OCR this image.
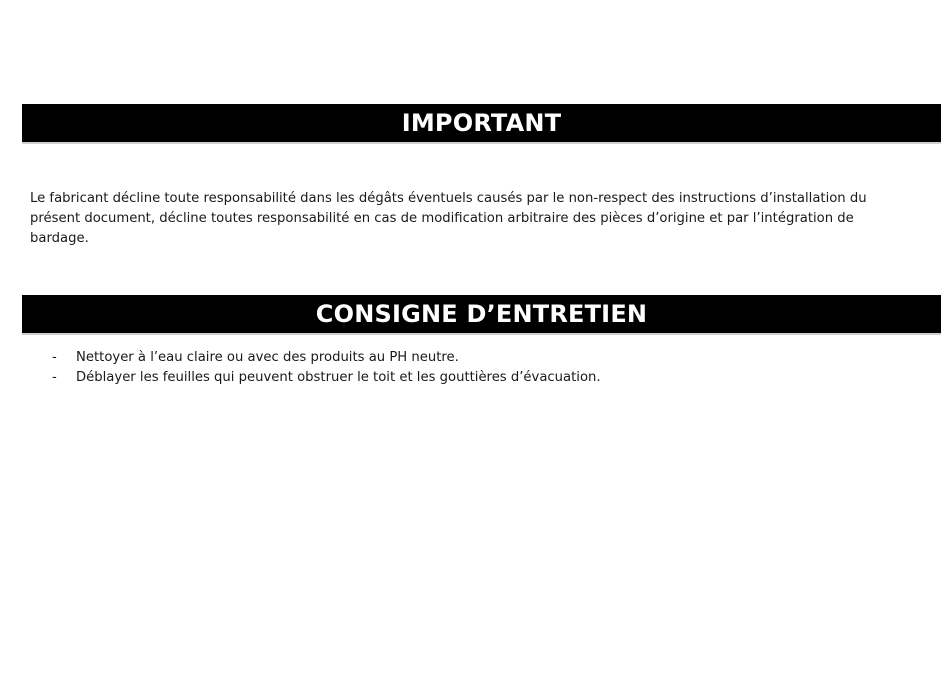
IMPORTANT

Le fabricant décline toute responsabilité dans les dégâts éventuels causés par le non-respect des instructions d’installation du présent document, décline toutes responsabilité en cas de modification arbitraire des pièces d’origine et par l’intégration de bardage.

CONSIGNE D’ENTRETIEN
-	Nettoyer à l’eau claire ou avec des produits au PH neutre.
-	Déblayer les feuilles qui peuvent obstruer le toit et les gouttières d’évacuation.
